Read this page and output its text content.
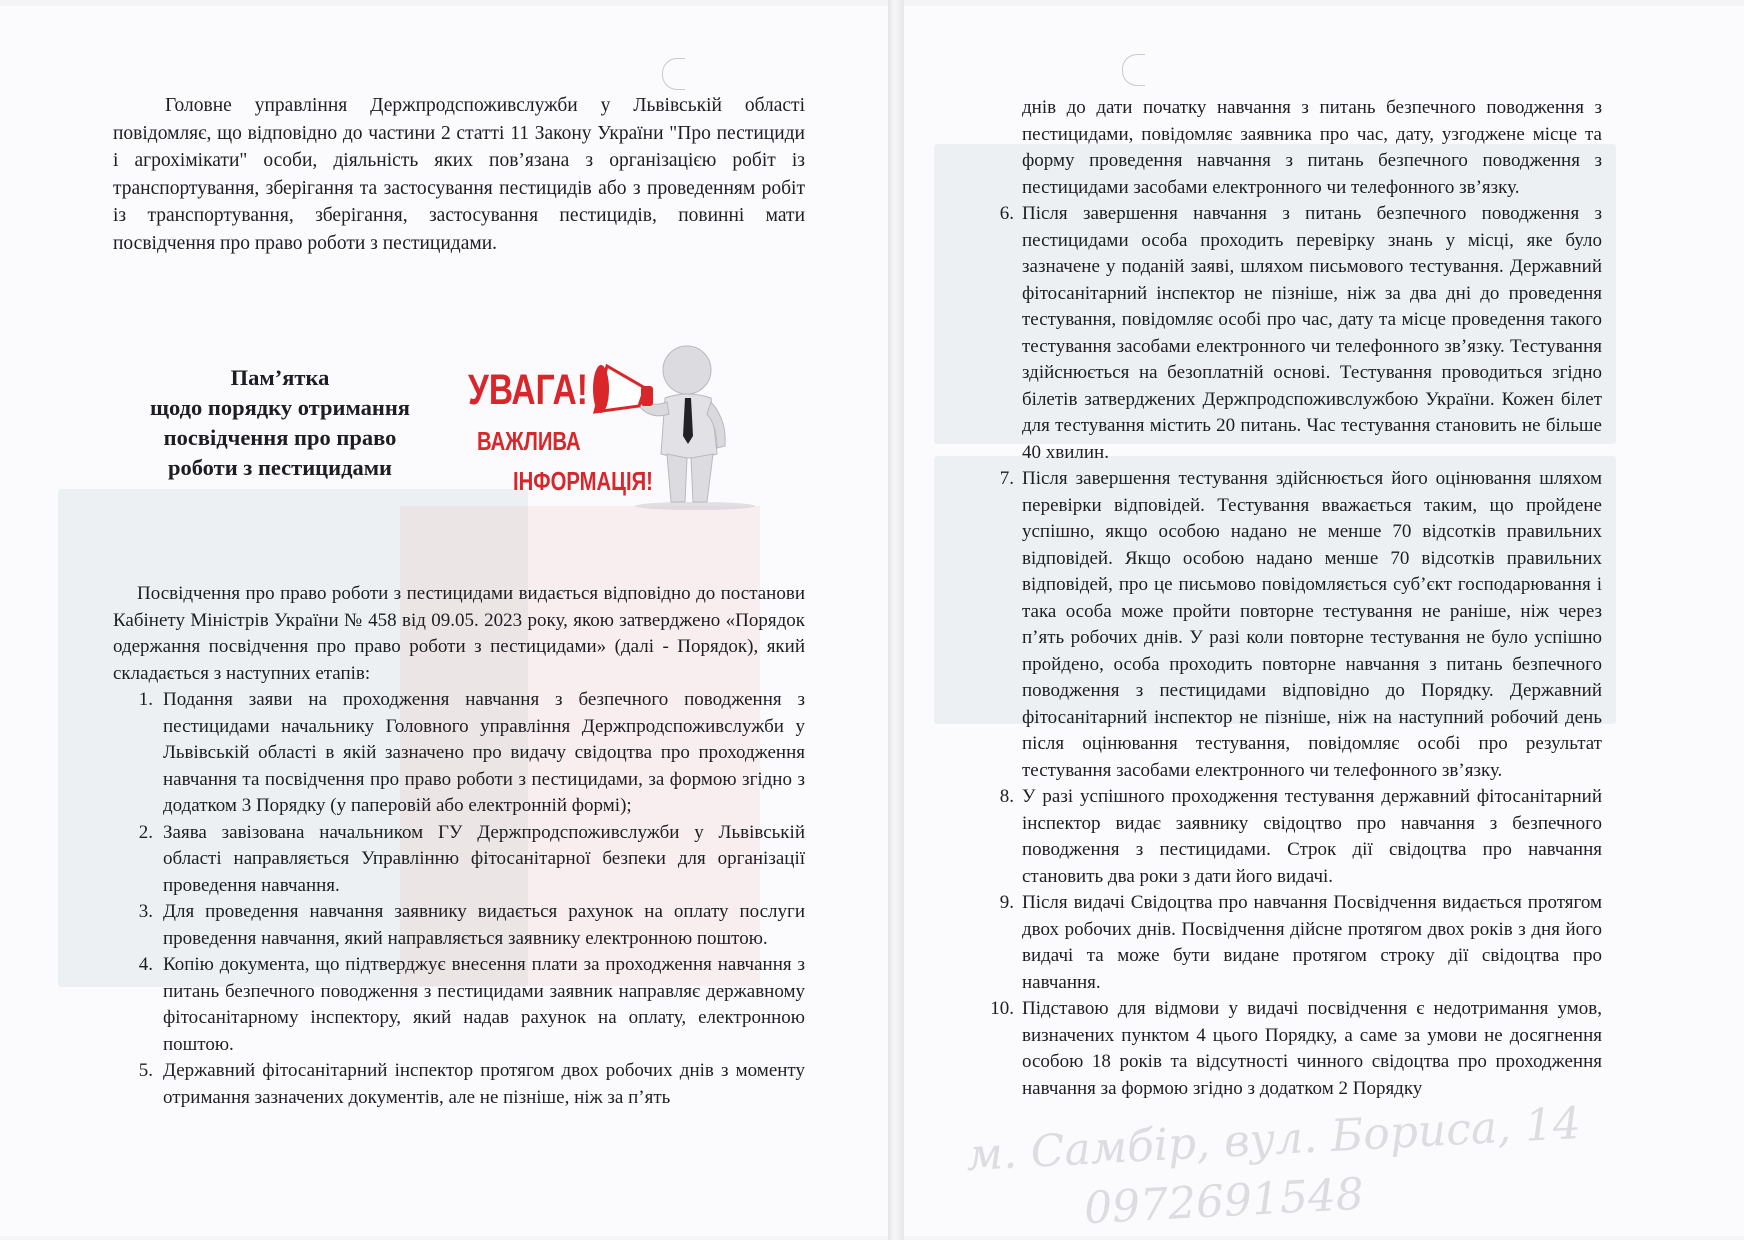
Головне управління Держпродспоживслужби у Львівській області повідомляє, що відповідно до частини 2 статті 11 Закону України "Про пестициди і агрохімікати" особи, діяльність яких пов’язана з організацією робіт із транспортування, зберігання та застосування пестицидів або з проведенням робіт із транспортування, зберігання, застосування пестицидів, повинні мати посвідчення про право роботи з пестицидами.
Пам’ятка
щодо порядку отримання
посвідчення про право
роботи з пестицидами
УВАГА!
ВАЖЛИВА
ІНФОРМАЦІЯ!
Посвідчення про право роботи з пестицидами видається відповідно до постанови Кабінету Міністрів України № 458 від 09.05. 2023 року, якою затверджено «Порядок одержання посвідчення про право роботи з пестицидами» (далі - Порядок), який складається з наступних етапів:
1. Подання заяви на проходження навчання з безпечного поводження з пестицидами начальнику Головного управління Держпродспоживслужби у Львівській області в якій зазначено про видачу свідоцтва про проходження навчання та посвідчення про право роботи з пестицидами, за формою згідно з додатком 3 Порядку (у паперовій або електронній формі);
2. Заява завізована начальником ГУ Держпродспоживслужби у Львівській області направляється Управлінню фітосанітарної безпеки для організації проведення навчання.
3. Для проведення навчання заявнику видається рахунок на оплату послуги проведення навчання, який направляється заявнику електронною поштою.
4. Копію документа, що підтверджує внесення плати за проходження навчання з питань безпечного поводження з пестицидами заявник направляє державному фітосанітарному інспектору, який надав рахунок на оплату, електронною поштою.
5. Державний фітосанітарний інспектор протягом двох робочих днів з моменту отримання зазначених документів, але не пізніше, ніж за п’ять
днів до дати початку навчання з питань безпечного поводження з пестицидами, повідомляє заявника про час, дату, узгоджене місце та форму проведення навчання з питань безпечного поводження з пестицидами засобами електронного чи телефонного зв’язку.
6. Після завершення навчання з питань безпечного поводження з пестицидами особа проходить перевірку знань у місці, яке було зазначене у поданій заяві, шляхом письмового тестування. Державний фітосанітарний інспектор не пізніше, ніж за два дні до проведення тестування, повідомляє особі про час, дату та місце проведення такого тестування засобами електронного чи телефонного зв’язку. Тестування здійснюється на безоплатній основі. Тестування проводиться згідно білетів затверджених Держпродспоживслужбою України. Кожен білет для тестування містить 20 питань. Час тестування становить не більше 40 хвилин.
7. Після завершення тестування здійснюється його оцінювання шляхом перевірки відповідей. Тестування вважається таким, що пройдене успішно, якщо особою надано не менше 70 відсотків правильних відповідей. Якщо особою надано менше 70 відсотків правильних відповідей, про це письмово повідомляється суб’єкт господарювання і така особа може пройти повторне тестування не раніше, ніж через п’ять робочих днів. У разі коли повторне тестування не було успішно пройдено, особа проходить повторне навчання з питань безпечного поводження з пестицидами відповідно до Порядку. Державний фітосанітарний інспектор не пізніше, ніж на наступний робочий день після оцінювання тестування, повідомляє особі про результат тестування засобами електронного чи телефонного зв’язку.
8. У разі успішного проходження тестування державний фітосанітарний інспектор видає заявнику свідоцтво про навчання з безпечного поводження з пестицидами. Строк дії свідоцтва про навчання становить два роки з дати його видачі.
9. Після видачі Свідоцтва про навчання Посвідчення видається протягом двох робочих днів. Посвідчення дійсне протягом двох років з дня його видачі та може бути видане протягом строку дії свідоцтва про навчання.
10. Підставою для відмови у видачі посвідчення є недотримання умов, визначених пунктом 4 цього Порядку, а саме за умови не досягнення особою 18 років та відсутності чинного свідоцтва про проходження навчання за формою згідно з додатком 2 Порядку
м. Самбір, вул. Бориса, 14
0972691548
